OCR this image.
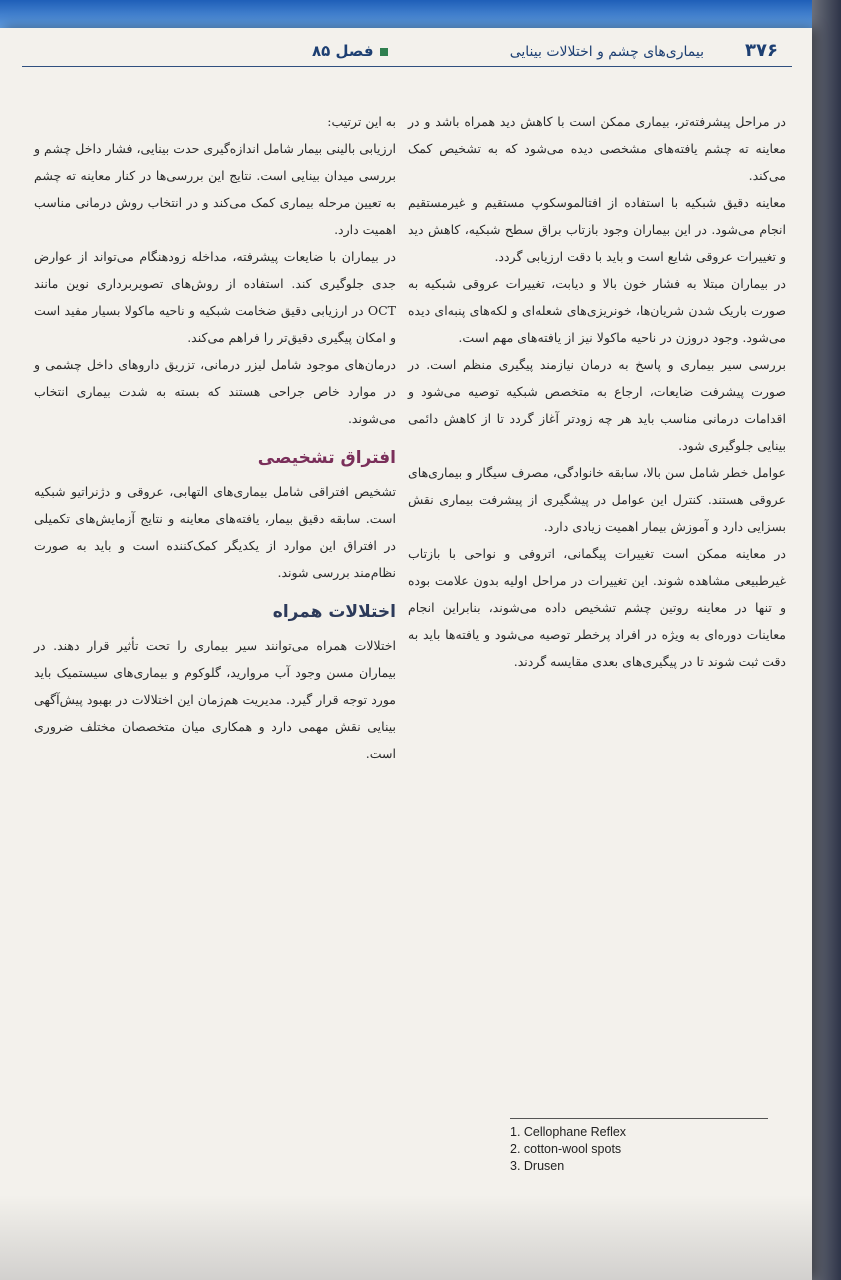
۳۷۶
بیماری‌های چشم و اختلالات بینایی
فصل ۸۵

در مراحل پیشرفته‌تر، بیماری ممکن است با کاهش دید همراه باشد و در معاینه ته چشم یافته‌های مشخصی دیده می‌شود که به تشخیص کمک می‌کند.

معاینه دقیق شبکیه با استفاده از افتالموسکوپ مستقیم و غیرمستقیم انجام می‌شود. در این بیماران وجود بازتاب براق سطح شبکیه، کاهش دید و تغییرات عروقی شایع است و باید با دقت ارزیابی گردد.

در بیماران مبتلا به فشار خون بالا و دیابت، تغییرات عروقی شبکیه به صورت باریک شدن شریان‌ها، خونریزی‌های شعله‌ای و لکه‌های پنبه‌ای دیده می‌شود. وجود دروزن در ناحیه ماکولا نیز از یافته‌های مهم است.

بررسی سیر بیماری و پاسخ به درمان نیازمند پیگیری منظم است. در صورت پیشرفت ضایعات، ارجاع به متخصص شبکیه توصیه می‌شود و اقدامات درمانی مناسب باید هر چه زودتر آغاز گردد تا از کاهش دائمی بینایی جلوگیری شود.

عوامل خطر شامل سن بالا، سابقه خانوادگی، مصرف سیگار و بیماری‌های عروقی هستند. کنترل این عوامل در پیشگیری از پیشرفت بیماری نقش بسزایی دارد و آموزش بیمار اهمیت زیادی دارد.

در معاینه ممکن است تغییرات پیگمانی، اتروفی و نواحی با بازتاب غیرطبیعی مشاهده شوند. این تغییرات در مراحل اولیه بدون علامت بوده و تنها در معاینه روتین چشم تشخیص داده می‌شوند، بنابراین انجام معاینات دوره‌ای به ویژه در افراد پرخطر توصیه می‌شود و یافته‌ها باید به دقت ثبت شوند تا در پیگیری‌های بعدی مقایسه گردند.

به این ترتیب:

ارزیابی بالینی بیمار شامل اندازه‌گیری حدت بینایی، فشار داخل چشم و بررسی میدان بینایی است. نتایج این بررسی‌ها در کنار معاینه ته چشم به تعیین مرحله بیماری کمک می‌کند و در انتخاب روش درمانی مناسب اهمیت دارد.

در بیماران با ضایعات پیشرفته، مداخله زودهنگام می‌تواند از عوارض جدی جلوگیری کند. استفاده از روش‌های تصویربرداری نوین مانند OCT در ارزیابی دقیق ضخامت شبکیه و ناحیه ماکولا بسیار مفید است و امکان پیگیری دقیق‌تر را فراهم می‌کند.

درمان‌های موجود شامل لیزر درمانی، تزریق داروهای داخل چشمی و در موارد خاص جراحی هستند که بسته به شدت بیماری انتخاب می‌شوند.

افتراق تشخیصی

تشخیص افتراقی شامل بیماری‌های التهابی، عروقی و دژنراتیو شبکیه است. سابقه دقیق بیمار، یافته‌های معاینه و نتایج آزمایش‌های تکمیلی در افتراق این موارد از یکدیگر کمک‌کننده است و باید به صورت نظام‌مند بررسی شوند.

اختلالات همراه

اختلالات همراه می‌توانند سیر بیماری را تحت تأثیر قرار دهند. در بیماران مسن وجود آب مروارید، گلوکوم و بیماری‌های سیستمیک باید مورد توجه قرار گیرد. مدیریت هم‌زمان این اختلالات در بهبود پیش‌آگهی بینایی نقش مهمی دارد و همکاری میان متخصصان مختلف ضروری است.

1. Cellophane Reflex
2. cotton-wool spots
3. Drusen
